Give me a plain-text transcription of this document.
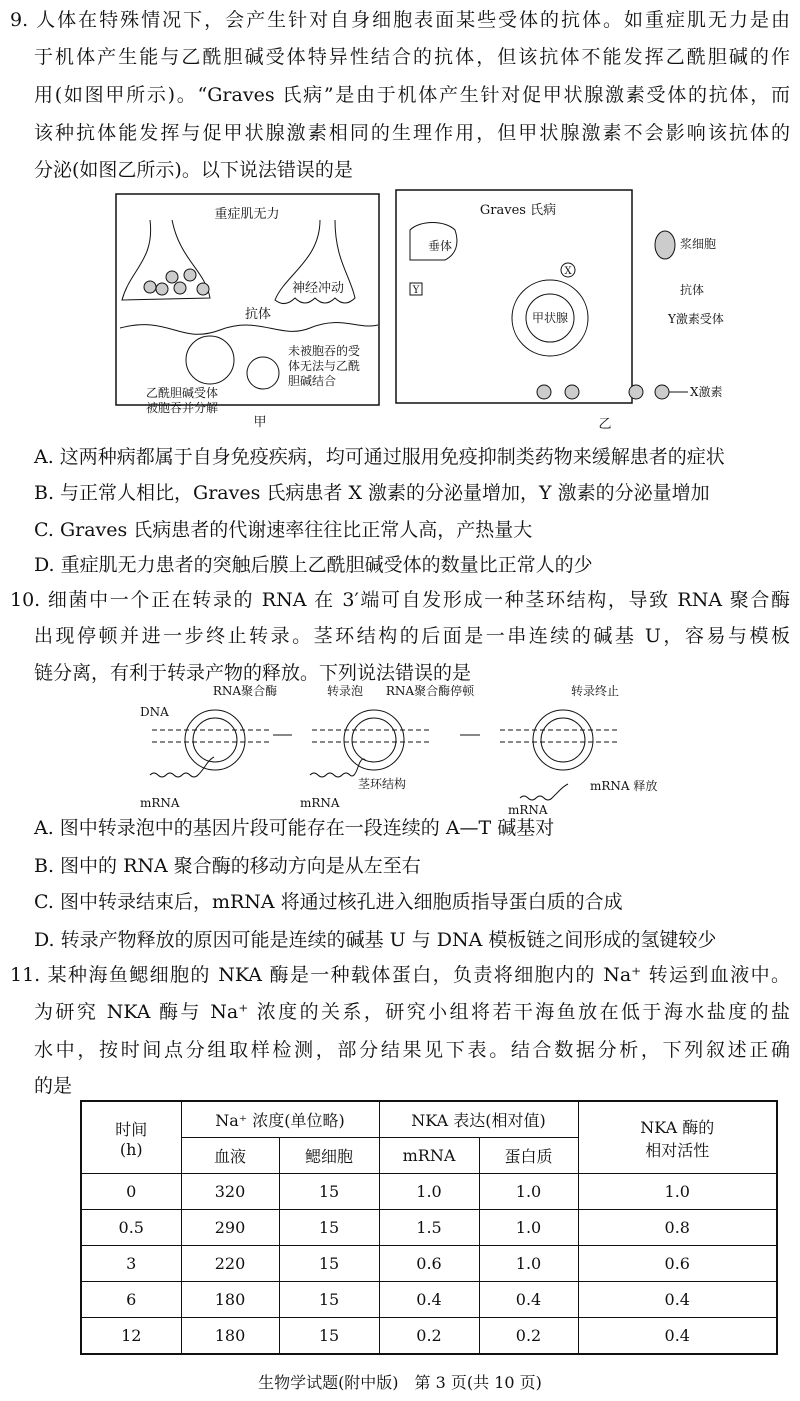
9. 人体在特殊情况下，会产生针对自身细胞表面某些受体的抗体。如重症肌无力是由
于机体产生能与乙酰胆碱受体特异性结合的抗体，但该抗体不能发挥乙酰胆碱的作
用(如图甲所示)。“Graves 氏病”是由于机体产生针对促甲状腺激素受体的抗体，而
该种抗体能发挥与促甲状腺激素相同的生理作用，但甲状腺激素不会影响该抗体的
分泌(如图乙所示)。以下说法错误的是
重症肌无力
神经冲动
抗体
乙酰胆碱受体
被胞吞并分解
未被胞吞的受
体无法与乙酰
胆碱结合
甲
Graves 氏病
垂体
X
Y
甲状腺
浆细胞
抗体
Y激素受体
X激素
乙
A. 这两种病都属于自身免疫疾病，均可通过服用免疫抑制类药物来缓解患者的症状
B. 与正常人相比，Graves 氏病患者 X 激素的分泌量增加，Y 激素的分泌量增加
C. Graves 氏病患者的代谢速率往往比正常人高，产热量大
D. 重症肌无力患者的突触后膜上乙酰胆碱受体的数量比正常人的少
10. 细菌中一个正在转录的 RNA 在 3′端可自发形成一种茎环结构，导致 RNA 聚合酶
出现停顿并进一步终止转录。茎环结构的后面是一串连续的碱基 U，容易与模板
链分离，有利于转录产物的释放。下列说法错误的是
RNA聚合酶
DNA
mRNA
转录泡 RNA聚合酶停顿
茎环结构
mRNA
转录终止
mRNA 释放
mRNA
A. 图中转录泡中的基因片段可能存在一段连续的 A—T 碱基对
B. 图中的 RNA 聚合酶的移动方向是从左至右
C. 图中转录结束后，mRNA 将通过核孔进入细胞质指导蛋白质的合成
D. 转录产物释放的原因可能是连续的碱基 U 与 DNA 模板链之间形成的氢键较少
11. 某种海鱼鳃细胞的 NKA 酶是一种载体蛋白，负责将细胞内的 Na⁺ 转运到血液中。
为研究 NKA 酶与 Na⁺ 浓度的关系，研究小组将若干海鱼放在低于海水盐度的盐
水中，按时间点分组取样检测，部分结果见下表。结合数据分析，下列叙述正确
的是
时间
(h)	Na⁺ 浓度(单位略)		NKA 表达(相对值)		NKA 酶的
相对活性
	血液	鳃细胞	mRNA	蛋白质	
0	320	15	1.0	1.0	1.0
0.5	290	15	1.5	1.0	0.8
3	220	15	0.6	1.0	0.6
6	180	15	0.4	0.4	0.4
12	180	15	0.2	0.2	0.4
生物学试题(附中版)　第 3 页(共 10 页)
